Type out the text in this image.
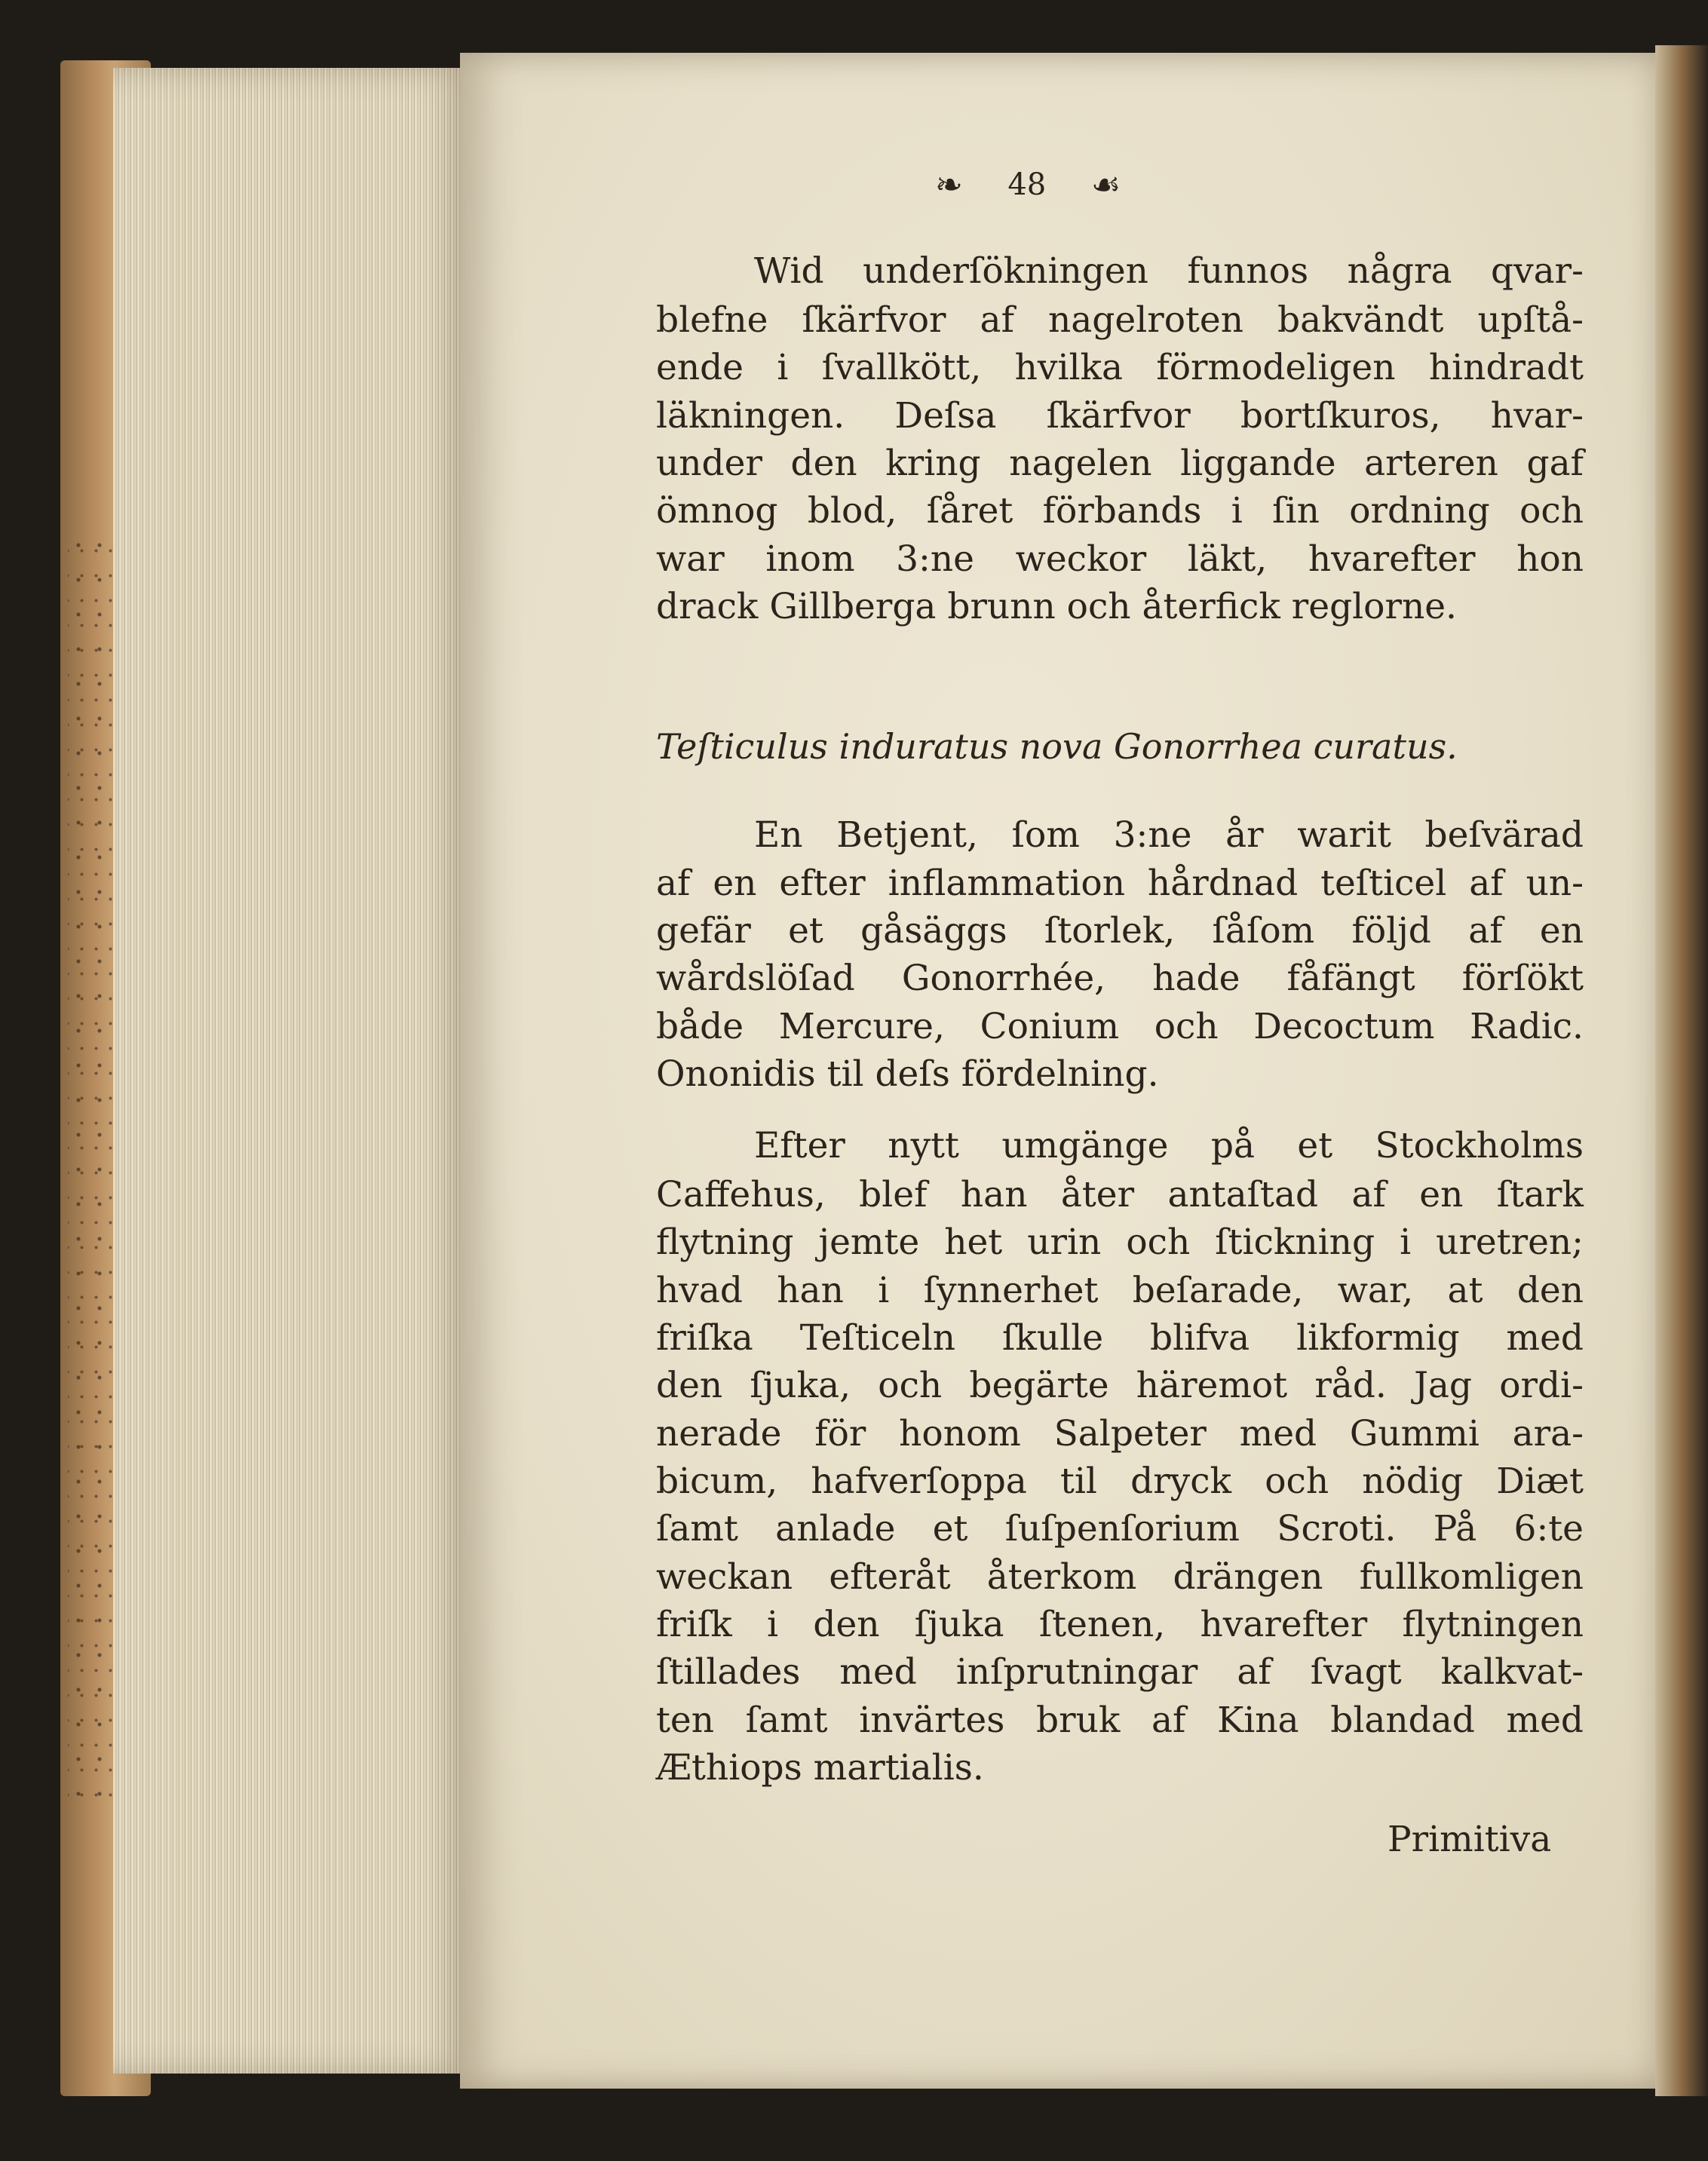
❧ 48 ☙
Wid underſökningen funnos några qvar-
blefne ſkärfvor af nagelroten bakvändt upſtå-
ende i ſvallkött, hvilka förmodeligen hindradt
läkningen. Deſsa ſkärfvor bortſkuros, hvar-
under den kring nagelen liggande arteren gaf
ömnog blod, ſåret förbands i ſin ordning och
war inom 3:ne weckor läkt, hvarefter hon
drack Gillberga brunn och återfick reglorne.
Teſticulus induratus nova Gonorrhea curatus.
En Betjent, ſom 3:ne år warit beſvärad
af en efter inflammation hårdnad teſticel af un-
gefär et gåsäggs ſtorlek, ſåſom följd af en
wårdslöſad Gonorrhée, hade fåfängt förſökt
både Mercure, Conium och Decoctum Radic.
Ononidis til deſs fördelning.
Efter nytt umgänge på et Stockholms
Caffehus, blef han åter antaſtad af en ſtark
flytning jemte het urin och ſtickning i uretren;
hvad han i ſynnerhet beſarade, war, at den
friſka Teſticeln ſkulle blifva likformig med
den ſjuka, och begärte häremot råd. Jag ordi-
nerade för honom Salpeter med Gummi ara-
bicum, hafverſoppa til dryck och nödig Diæt
ſamt anlade et ſuſpenſorium Scroti. På 6:te
weckan efteråt återkom drängen fullkomligen
friſk i den ſjuka ſtenen, hvarefter flytningen
ſtillades med inſprutningar af ſvagt kalkvat-
ten ſamt invärtes bruk af Kina blandad med
Æthiops martialis.
Primitiva
